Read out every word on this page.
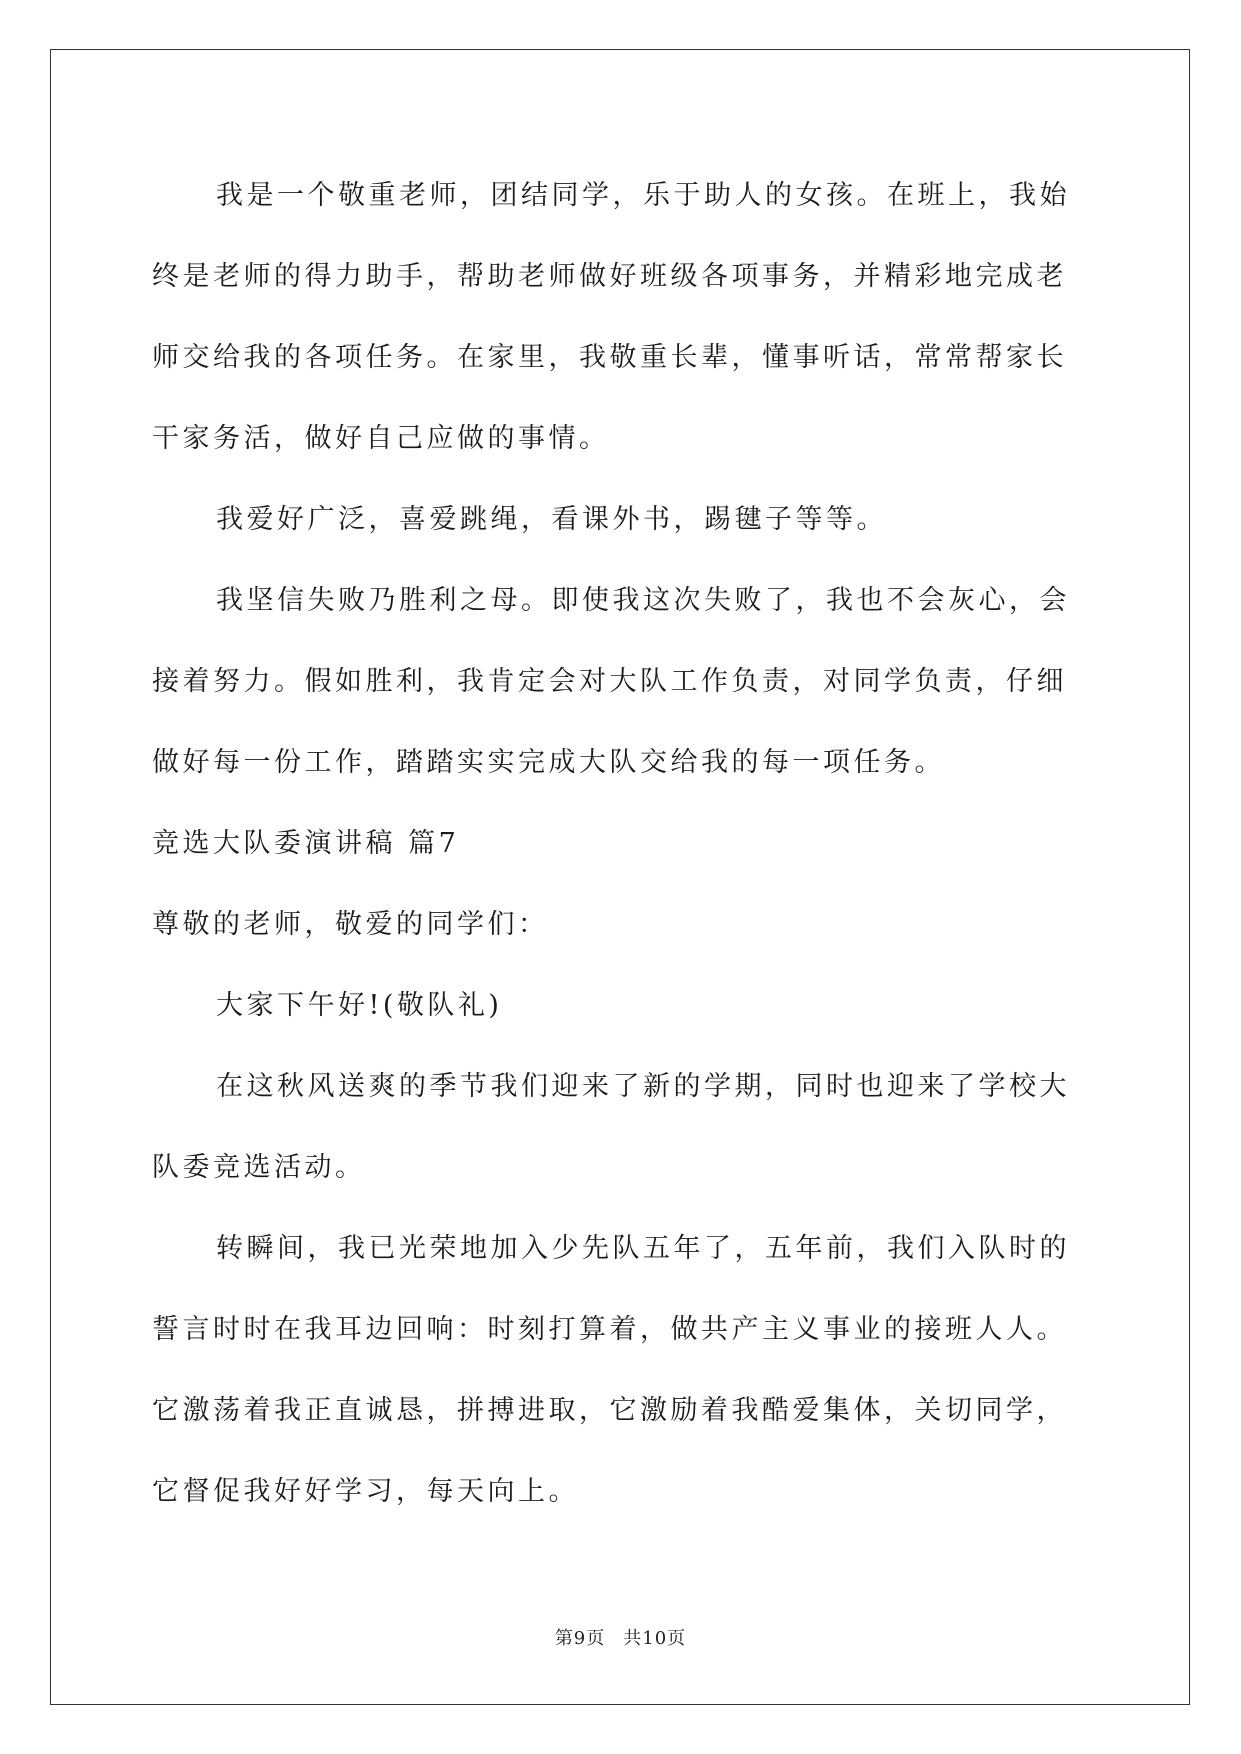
我是一个敬重老师，团结同学，乐于助人的女孩。在班上，我始终是老师的得力助手，帮助老师做好班级各项事务，并精彩地完成老师交给我的各项任务。在家里，我敬重长辈，懂事听话，常常帮家长干家务活，做好自己应做的事情。

我爱好广泛，喜爱跳绳，看课外书，踢毽子等等。

我坚信失败乃胜利之母。即使我这次失败了，我也不会灰心，会接着努力。假如胜利，我肯定会对大队工作负责，对同学负责，仔细做好每一份工作，踏踏实实完成大队交给我的每一项任务。

竞选大队委演讲稿 篇7

尊敬的老师，敬爱的同学们：

大家下午好!(敬队礼)

在这秋风送爽的季节我们迎来了新的学期，同时也迎来了学校大队委竞选活动。

转瞬间，我已光荣地加入少先队五年了，五年前，我们入队时的誓言时时在我耳边回响：时刻打算着，做共产主义事业的接班人人。它激荡着我正直诚恳，拼搏进取，它激励着我酷爱集体，关切同学，它督促我好好学习，每天向上。

第9页 共10页
